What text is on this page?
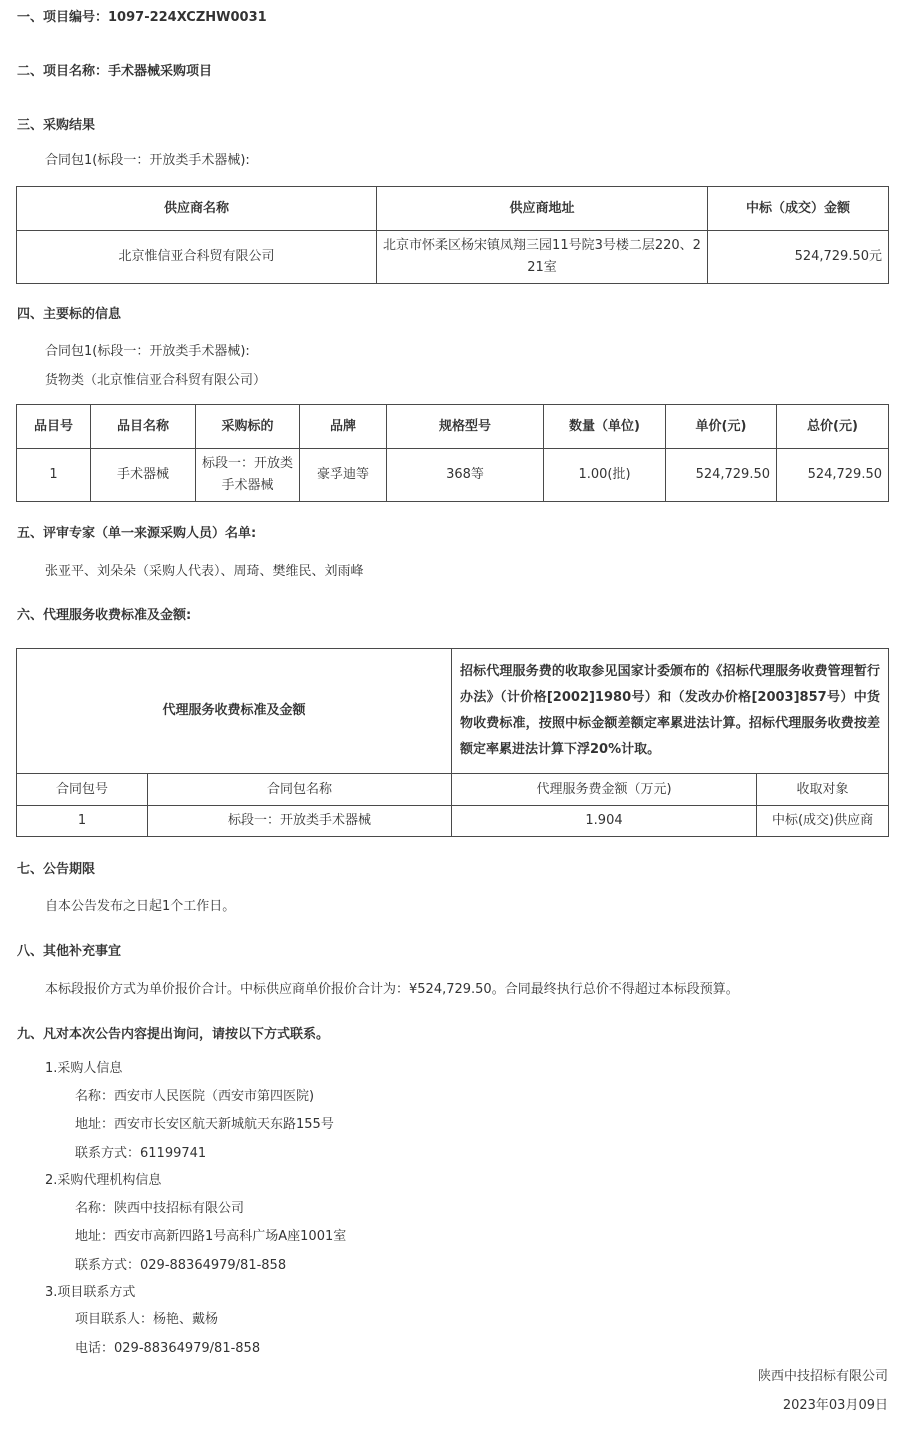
一、项目编号：1097-224XCZHW0031
二、项目名称：手术器械采购项目
三、采购结果
合同包1(标段一：开放类手术器械):
供应商名称	供应商地址	中标（成交）金额
北京惟信亚合科贸有限公司	北京市怀柔区杨宋镇凤翔三园11号院3号楼二层220、221室	524,729.50元
四、主要标的信息
合同包1(标段一：开放类手术器械):
货物类（北京惟信亚合科贸有限公司）
品目号	品目名称	采购标的	品牌	规格型号	数量（单位)	单价(元)	总价(元)
1	手术器械	标段一：开放类手术器械	豪孚迪等	368等	1.00(批)	524,729.50	524,729.50
五、评审专家（单一来源采购人员）名单:
张亚平、刘朵朵（采购人代表）、周琦、樊维民、刘雨峰
六、代理服务收费标准及金额:
代理服务收费标准及金额		招标代理服务费的收取参见国家计委颁布的《招标代理服务收费管理暂行办法》（计价格[2002]1980号）和（发改办价格[2003]857号）中货物收费标准，按照中标金额差额定率累进法计算。招标代理服务收费按差额定率累进法计算下浮20%计取。	
合同包号	合同包名称	代理服务费金额（万元)	收取对象
1	标段一：开放类手术器械	1.904	中标(成交)供应商
七、公告期限
自本公告发布之日起1个工作日。
八、其他补充事宜
本标段报价方式为单价报价合计。中标供应商单价报价合计为：¥524,729.50。合同最终执行总价不得超过本标段预算。
九、凡对本次公告内容提出询问，请按以下方式联系。
1.采购人信息
名称：西安市人民医院（西安市第四医院)
地址：西安市长安区航天新城航天东路155号
联系方式：61199741
2.采购代理机构信息
名称：陕西中技招标有限公司
地址：西安市高新四路1号高科广场A座1001室
联系方式：029-88364979/81-858
3.项目联系方式
项目联系人：杨艳、戴杨
电话：029-88364979/81-858
陕西中技招标有限公司
2023年03月09日
